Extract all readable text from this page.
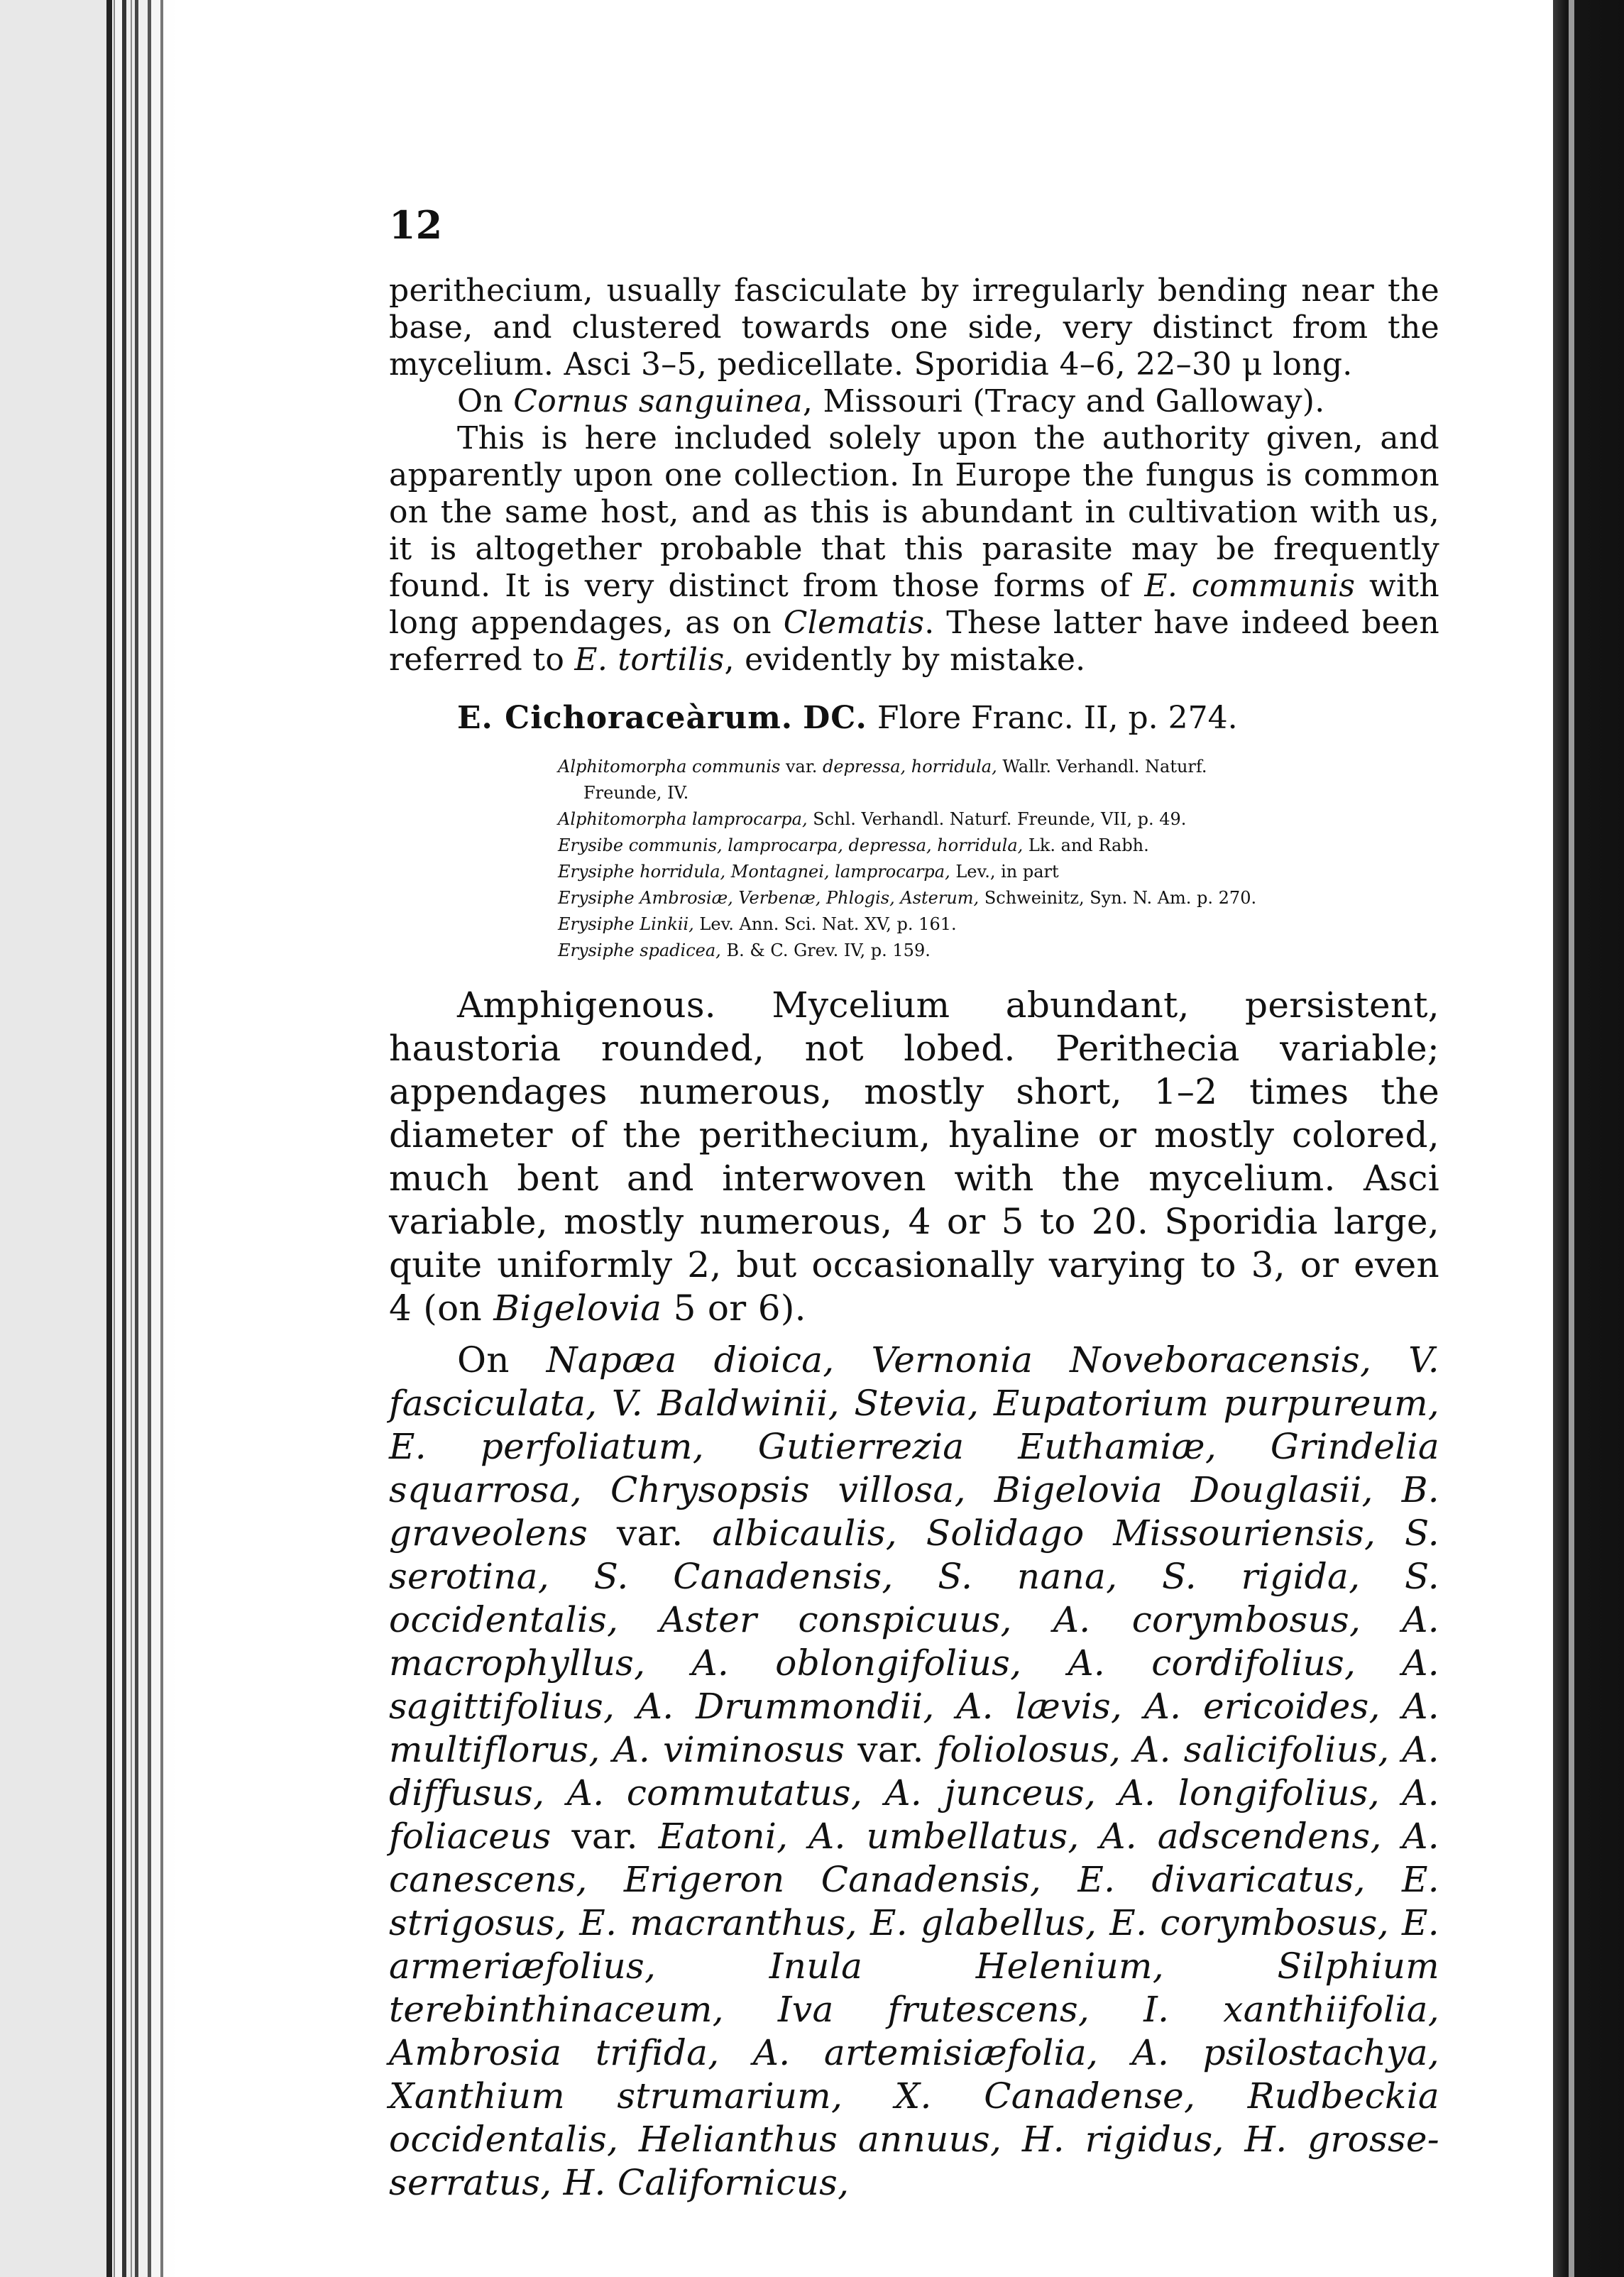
12

perithecium, usually fasciculate by irregularly bending near the base, and clustered towards one side, very distinct from the mycelium. Asci 3–5, pedicellate. Sporidia 4–6, 22–30 μ long.

On Cornus sanguinea, Missouri (Tracy and Galloway).

This is here included solely upon the authority given, and apparently upon one collection. In Europe the fungus is common on the same host, and as this is abundant in cultivation with us, it is altogether probable that this parasite may be frequently found. It is very distinct from those forms of E. communis with long appendages, as on Clematis. These latter have indeed been referred to E. tortilis, evidently by mistake.

E. Cichoraceàrum. DC. Flore Franc. II, p. 274.

Alphitomorpha communis var. depressa, horridula, Wallr. Verhandl. Naturf.

Freunde, IV.

Alphitomorpha lamprocarpa, Schl. Verhandl. Naturf. Freunde, VII, p. 49.

Erysibe communis, lamprocarpa, depressa, horridula, Lk. and Rabh.

Erysiphe horridula, Montagnei, lamprocarpa, Lev., in part

Erysiphe Ambrosiæ, Verbenæ, Phlogis, Asterum, Schweinitz, Syn. N. Am. p. 270.

Erysiphe Linkii, Lev. Ann. Sci. Nat. XV, p. 161.

Erysiphe spadicea, B. & C. Grev. IV, p. 159.

Amphigenous. Mycelium abundant, persistent, haustoria rounded, not lobed. Perithecia variable; appendages numerous, mostly short, 1–2 times the diameter of the perithecium, hyaline or mostly colored, much bent and interwoven with the mycelium. Asci variable, mostly numerous, 4 or 5 to 20. Sporidia large, quite uniformly 2, but occasionally varying to 3, or even 4 (on Bigelovia 5 or 6).

On Napæa dioica, Vernonia Noveboracensis, V. fasciculata, V. Baldwinii, Stevia, Eupatorium purpureum, E. perfoliatum, Gutierrezia Euthamiæ, Grindelia squarrosa, Chrysopsis villosa, Bigelovia Douglasii, B. graveolens var. albicaulis, Solidago Missouriensis, S. serotina, S. Canadensis, S. nana, S. rigida, S. occidentalis, Aster conspicuus, A. corymbosus, A. macrophyllus, A. oblongifolius, A. cordifolius, A. sagittifolius, A. Drummondii, A. lævis, A. ericoides, A. multiflorus, A. viminosus var. foliolosus, A. salicifolius, A. diffusus, A. commutatus, A. junceus, A. longifolius, A. foliaceus var. Eatoni, A. umbellatus, A. adscendens, A. canescens, Erigeron Canadensis, E. divaricatus, E. strigosus, E. macranthus, E. glabellus, E. corymbosus, E. armeriæfolius, Inula Helenium, Silphium terebinthinaceum, Iva frutescens, I. xanthiifolia, Ambrosia trifida, A. artemisiæfolia, A. psilostachya, Xanthium strumarium, X. Canadense, Rudbeckia occidentalis, Helianthus annuus, H. rigidus, H. grosse-serratus, H. Californicus,
